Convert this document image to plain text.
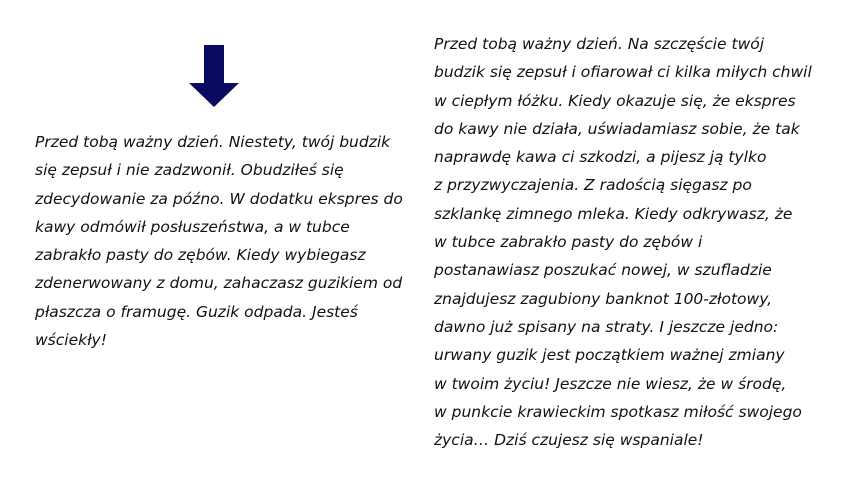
Przed tobą ważny dzień. Niestety, twój budzik
się zepsuł i nie zadzwonił. Obudziłeś się
zdecydowanie za późno. W dodatku ekspres do
kawy odmówił posłuszeństwa, a w tubce
zabrakło pasty do zębów. Kiedy wybiegasz
zdenerwowany z domu, zahaczasz guzikiem od
płaszcza o framugę. Guzik odpada. Jesteś
wściekły!

Przed tobą ważny dzień. Na szczęście twój
budzik się zepsuł i ofiarował ci kilka miłych chwil
w ciepłym łóżku. Kiedy okazuje się, że ekspres
do kawy nie działa, uświadamiasz sobie, że tak
naprawdę kawa ci szkodzi, a pijesz ją tylko
z przyzwyczajenia. Z radością sięgasz po
szklankę zimnego mleka. Kiedy odkrywasz, że
w tubce zabrakło pasty do zębów i
postanawiasz poszukać nowej, w szufladzie
znajdujesz zagubiony banknot 100-złotowy,
dawno już spisany na straty. I jeszcze jedno:
urwany guzik jest początkiem ważnej zmiany
w twoim życiu! Jeszcze nie wiesz, że w środę,
w punkcie krawieckim spotkasz miłość swojego
życia… Dziś czujesz się wspaniale!
